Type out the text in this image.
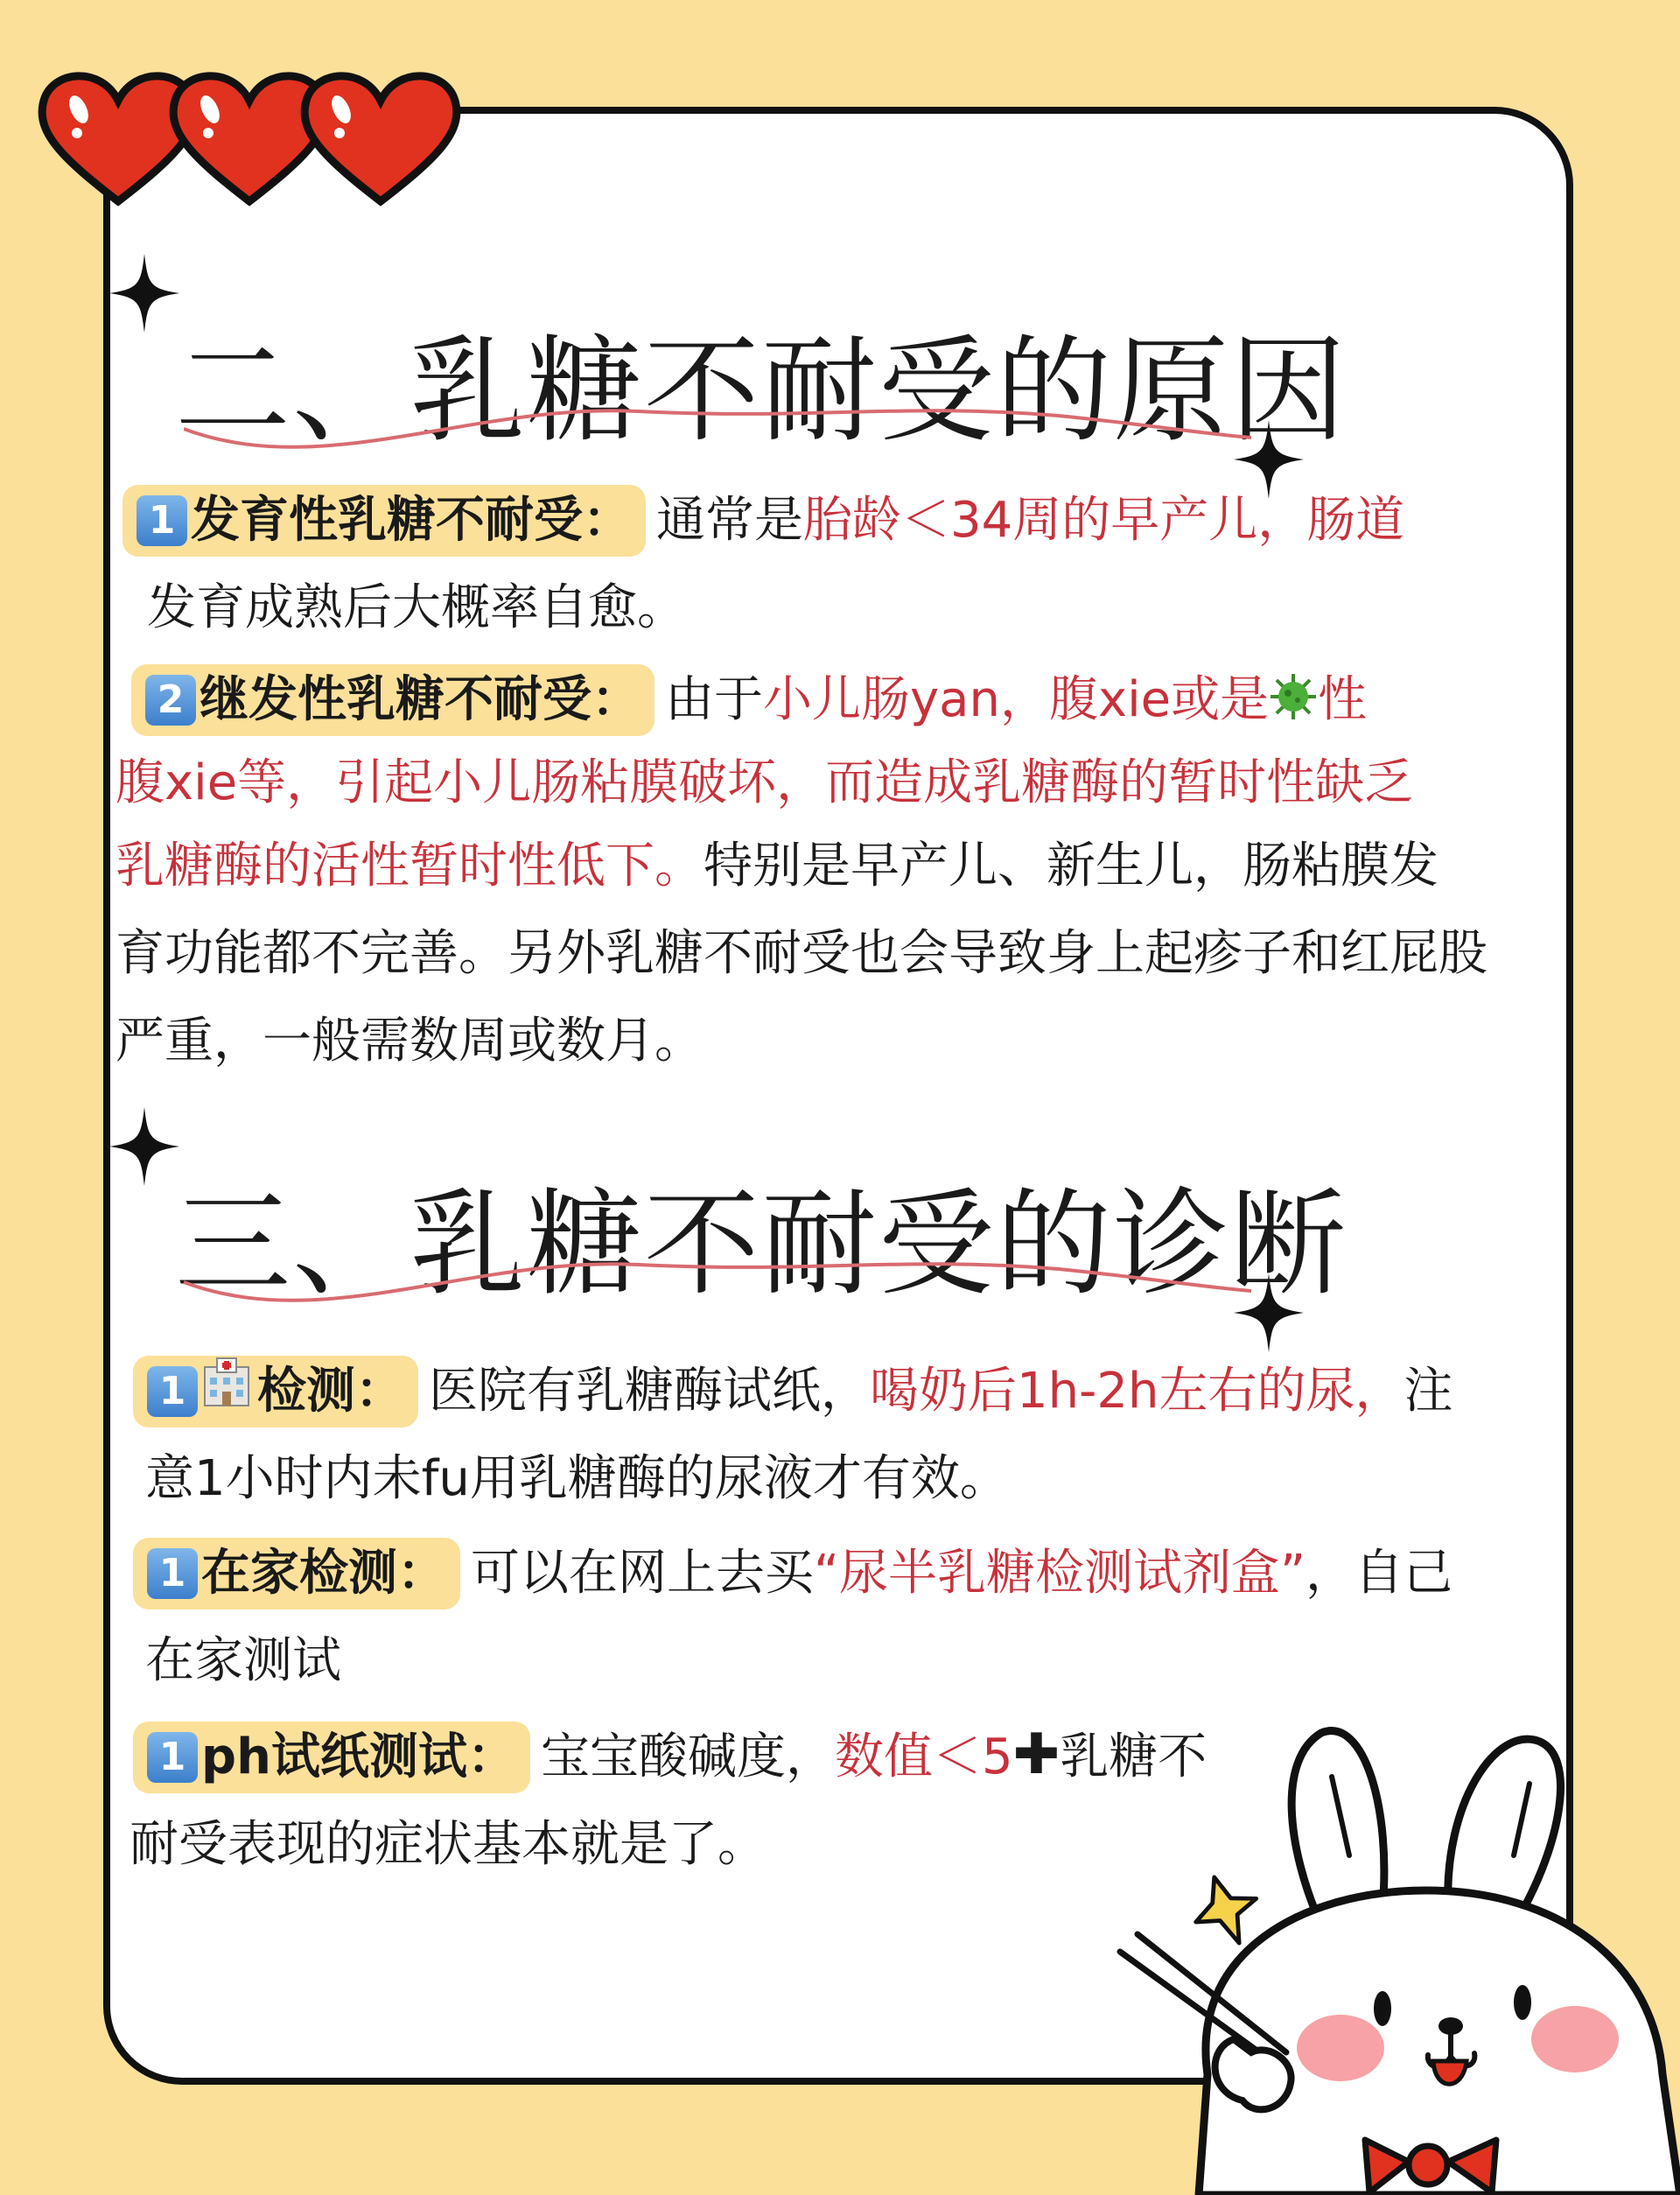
二、乳糖不耐受的原因

1 发育性乳糖不耐受： 通常是胎龄＜34周的早产儿，肠道
发育成熟后大概率自愈。

2 继发性乳糖不耐受： 由于小儿肠yan，腹xie或是 性

腹xie等，引起小儿肠粘膜破坏，而造成乳糖酶的暂时性缺乏
乳糖酶的活性暂时性低下。特别是早产儿、新生儿，肠粘膜发
育功能都不完善。另外乳糖不耐受也会导致身上起疹子和红屁股
严重，一般需数周或数月。

三、乳糖不耐受的诊断

1 检测： 医院有乳糖酶试纸，喝奶后1h-2h左右的尿，注
意1小时内未fu用乳糖酶的尿液才有效。

1 在家检测： 可以在网上去买“尿半乳糖检测试剂盒”，自己
在家测试

1 ph试纸测试： 宝宝酸碱度，数值＜5✚乳糖不
耐受表现的症状基本就是了。
